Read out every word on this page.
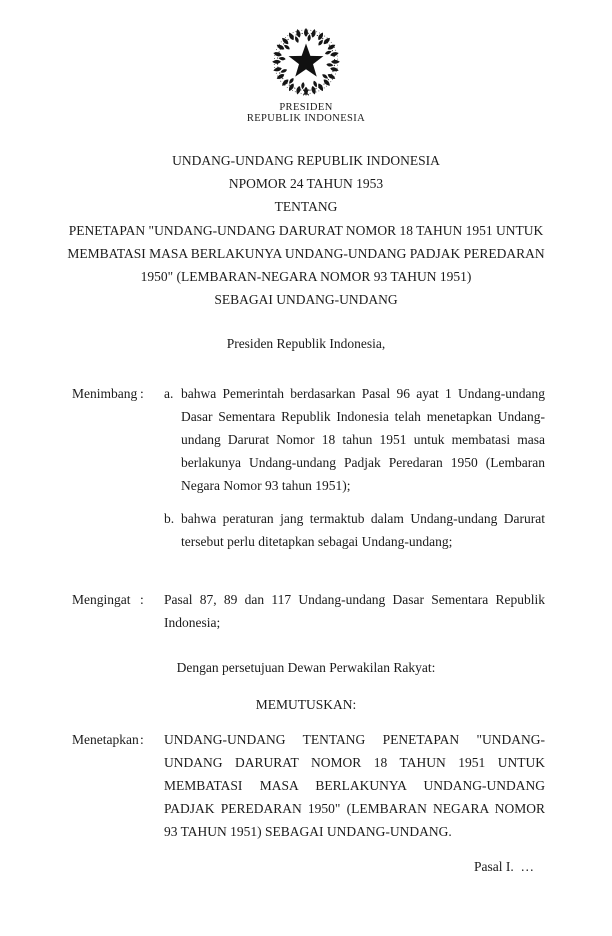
PRESIDEN
REPUBLIK INDONESIA
UNDANG-UNDANG REPUBLIK INDONESIA
NPOMOR 24 TAHUN 1953
TENTANG
PENETAPAN "UNDANG-UNDANG DARURAT NOMOR 18 TAHUN 1951 UNTUK
MEMBATASI MASA BERLAKUNYA UNDANG-UNDANG PADJAK PEREDARAN
1950" (LEMBARAN-NEGARA NOMOR 93 TAHUN 1951)
SEBAGAI UNDANG-UNDANG
Presiden Republik Indonesia,
Menimbang :	a. bahwa Pemerintah berdasarkan Pasal 96 ayat 1 Undang-undang Dasar Sementara Republik Indonesia telah menetapkan Undang-undang Darurat Nomor 18 tahun 1951 untuk membatasi masa berlakunya Undang-undang Padjak Peredaran 1950 (Lembaran Negara Nomor 93 tahun 1951);
b. bahwa peraturan jang termaktub dalam Undang-undang Darurat tersebut perlu ditetapkan sebagai Undang-undang;
Mengingat :	Pasal 87, 89 dan 117 Undang-undang Dasar Sementara Republik Indonesia;
Dengan persetujuan Dewan Perwakilan Rakyat:
MEMUTUSKAN:
Menetapkan :	UNDANG-UNDANG TENTANG PENETAPAN "UNDANG-UNDANG DARURAT NOMOR 18 TAHUN 1951 UNTUK MEMBATASI MASA BERLAKUNYA UNDANG-UNDANG PADJAK PEREDARAN 1950" (LEMBARAN NEGARA NOMOR 93 TAHUN 1951) SEBAGAI UNDANG-UNDANG.
Pasal I.  …
